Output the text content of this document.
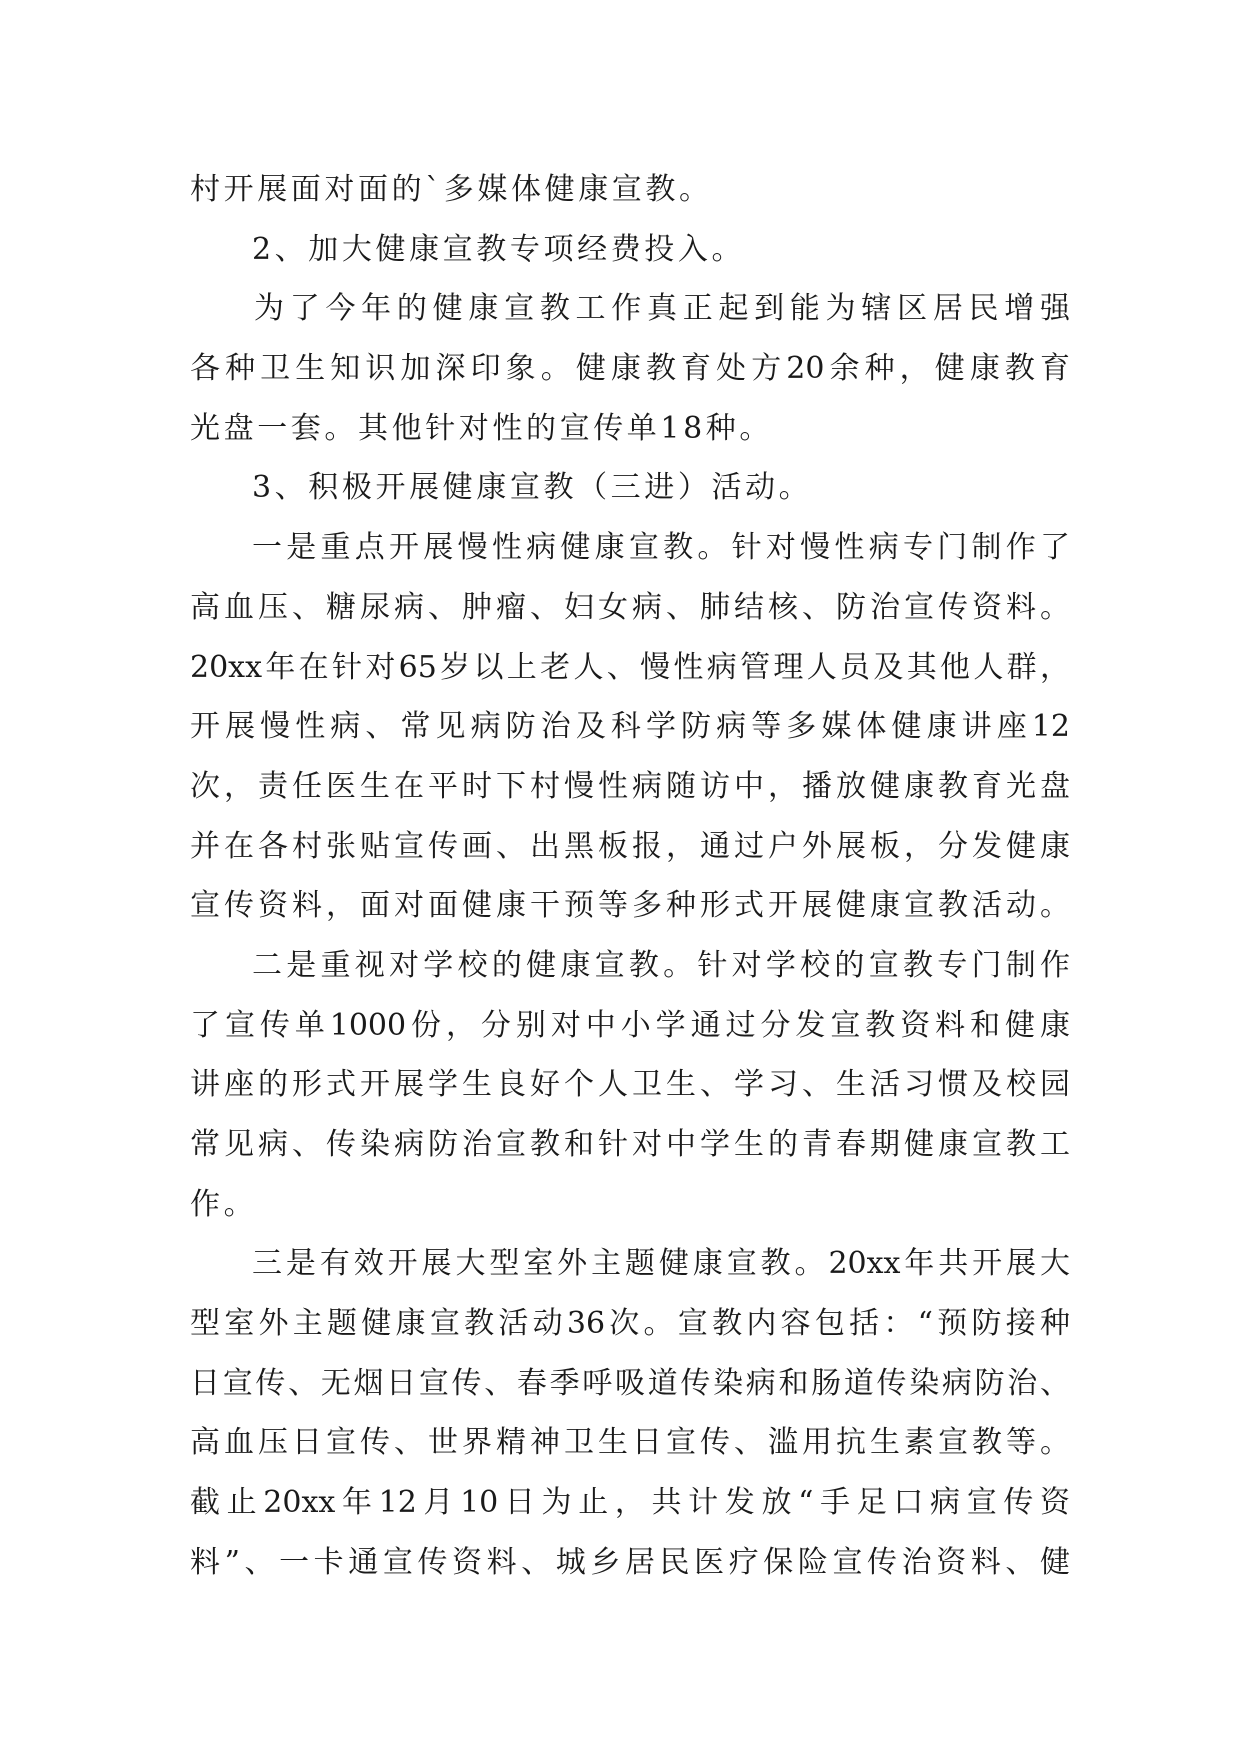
村开展面对面的`多媒体健康宣教。
2、加大健康宣教专项经费投入。
为了今年的健康宣教工作真正起到能为辖区居民增强
各种卫生知识加深印象。健康教育处方20余种，健康教育
光盘一套。其他针对性的宣传单18种。
3、积极开展健康宣教（三进）活动。
一是重点开展慢性病健康宣教。针对慢性病专门制作了
高血压、糖尿病、肿瘤、妇女病、肺结核、防治宣传资料。
20xx年在针对65岁以上老人、慢性病管理人员及其他人群，
开展慢性病、常见病防治及科学防病等多媒体健康讲座12
次，责任医生在平时下村慢性病随访中，播放健康教育光盘
并在各村张贴宣传画、出黑板报，通过户外展板，分发健康
宣传资料，面对面健康干预等多种形式开展健康宣教活动。
二是重视对学校的健康宣教。针对学校的宣教专门制作
了宣传单1000份，分别对中小学通过分发宣教资料和健康
讲座的形式开展学生良好个人卫生、学习、生活习惯及校园
常见病、传染病防治宣教和针对中学生的青春期健康宣教工
作。
三是有效开展大型室外主题健康宣教。20xx年共开展大
型室外主题健康宣教活动36次。宣教内容包括：“预防接种
日宣传、无烟日宣传、春季呼吸道传染病和肠道传染病防治、
高血压日宣传、世界精神卫生日宣传、滥用抗生素宣教等。
截止20xx年12月10日为止，共计发放“手足口病宣传资
料”、一卡通宣传资料、城乡居民医疗保险宣传治资料、健
